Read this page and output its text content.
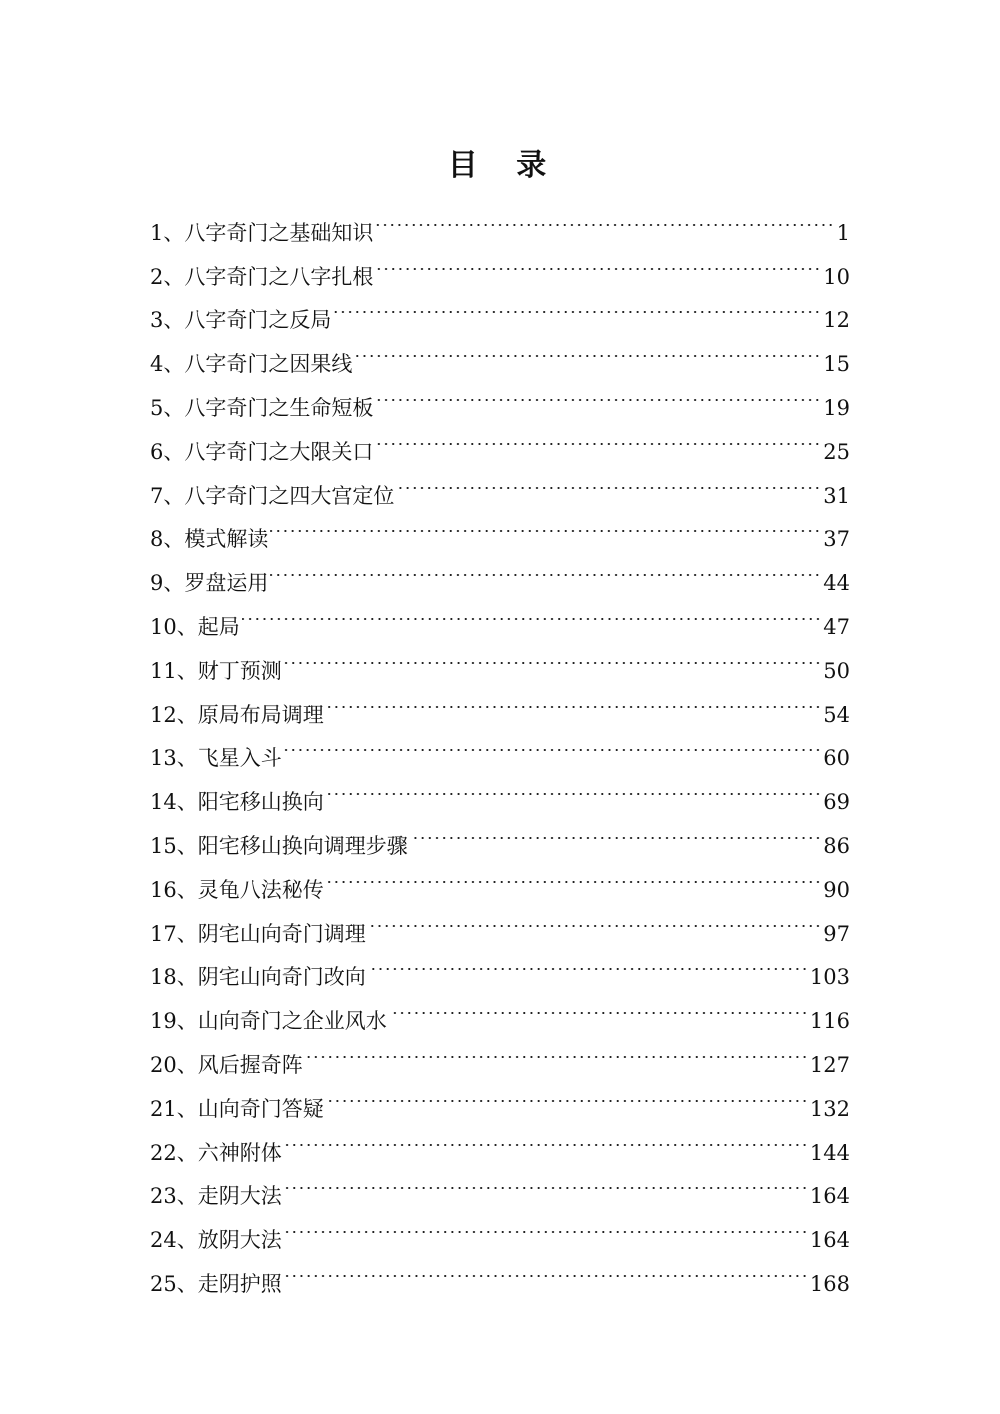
目 录
1、 八字奇门之基础知识	1
2、 八字奇门之八字扎根	10
3、 八字奇门之反局	12
4、 八字奇门之因果线	15
5、 八字奇门之生命短板	19
6、 八字奇门之大限关口	25
7、 八字奇门之四大宫定位	31
8、 模式解读	37
9、 罗盘运用	44
10、 起局	47
11、 财丁预测	50
12、 原局布局调理	54
13、 飞星入斗	60
14、 阳宅移山换向	69
15、 阳宅移山换向调理步骤	86
16、 灵龟八法秘传	90
17、 阴宅山向奇门调理	97
18、 阴宅山向奇门改向	103
19、 山向奇门之企业风水	116
20、 风后握奇阵	127
21、 山向奇门答疑	132
22、 六神附体	144
23、 走阴大法	164
24、 放阴大法	164
25、 走阴护照	168
